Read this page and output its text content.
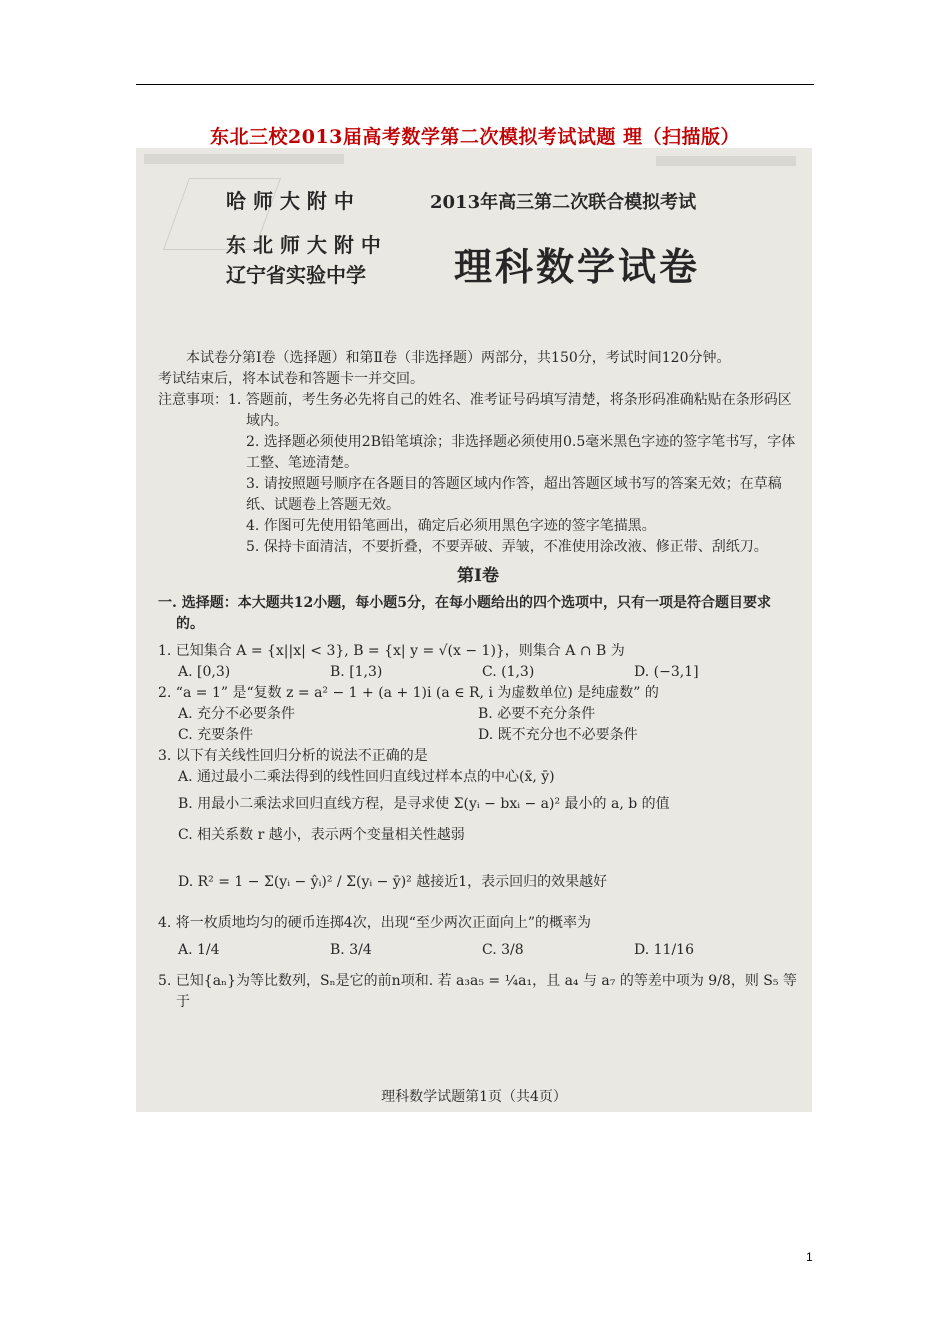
东北三校2013届高考数学第二次模拟考试试题 理（扫描版）
哈 师 大 附 中
东 北 师 大 附 中
辽宁省实验中学
2013年高三第二次联合模拟考试
理科数学试卷

本试卷分第Ⅰ卷（选择题）和第Ⅱ卷（非选择题）两部分，共150分，考试时间120分钟。

考试结束后，将本试卷和答题卡一并交回。

注意事项：1. 答题前，考生务必先将自己的姓名、准考证号码填写清楚，将条形码准确粘贴在条形码区域内。

2. 选择题必须使用2B铅笔填涂；非选择题必须使用0.5毫米黑色字迹的签字笔书写，字体工整、笔迹清楚。

3. 请按照题号顺序在各题目的答题区域内作答，超出答题区域书写的答案无效；在草稿纸、试题卷上答题无效。

4. 作图可先使用铅笔画出，确定后必须用黑色字迹的签字笔描黑。

5. 保持卡面清洁，不要折叠，不要弄破、弄皱，不准使用涂改液、修正带、刮纸刀。

第Ⅰ卷

一. 选择题：本大题共12小题，每小题5分，在每小题给出的四个选项中，只有一项是符合题目要求的。

1. 已知集合 A = {x||x| < 3}, B = {x| y = √(x − 1)}，则集合 A ∩ B 为

A. [0,3)	B. [1,3)	C. (1,3)	D. (−3,1]

2. “a = 1” 是“复数 z = a² − 1 + (a + 1)i (a ∈ R, i 为虚数单位) 是纯虚数” 的

A. 充分不必要条件	B. 必要不充分条件
C. 充要条件	D. 既不充分也不必要条件

3. 以下有关线性回归分析的说法不正确的是

A. 通过最小二乘法得到的线性回归直线过样本点的中心(x̄, ȳ)

B. 用最小二乘法求回归直线方程，是寻求使 Σ(yᵢ − bxᵢ − a)² 最小的 a, b 的值

C. 相关系数 r 越小，表示两个变量相关性越弱

D. R² = 1 − Σ(yᵢ − ŷᵢ)² / Σ(yᵢ − ȳ)² 越接近1，表示回归的效果越好

4. 将一枚质地均匀的硬币连掷4次，出现“至少两次正面向上”的概率为

A. 1/4	B. 3/4	C. 3/8	D. 11/16

5. 已知{aₙ}为等比数列，Sₙ是它的前n项和. 若 a₃a₅ = ¼a₁，且 a₄ 与 a₇ 的等差中项为 9/8，则 S₅ 等于

理科数学试题第1页（共4页）
1
